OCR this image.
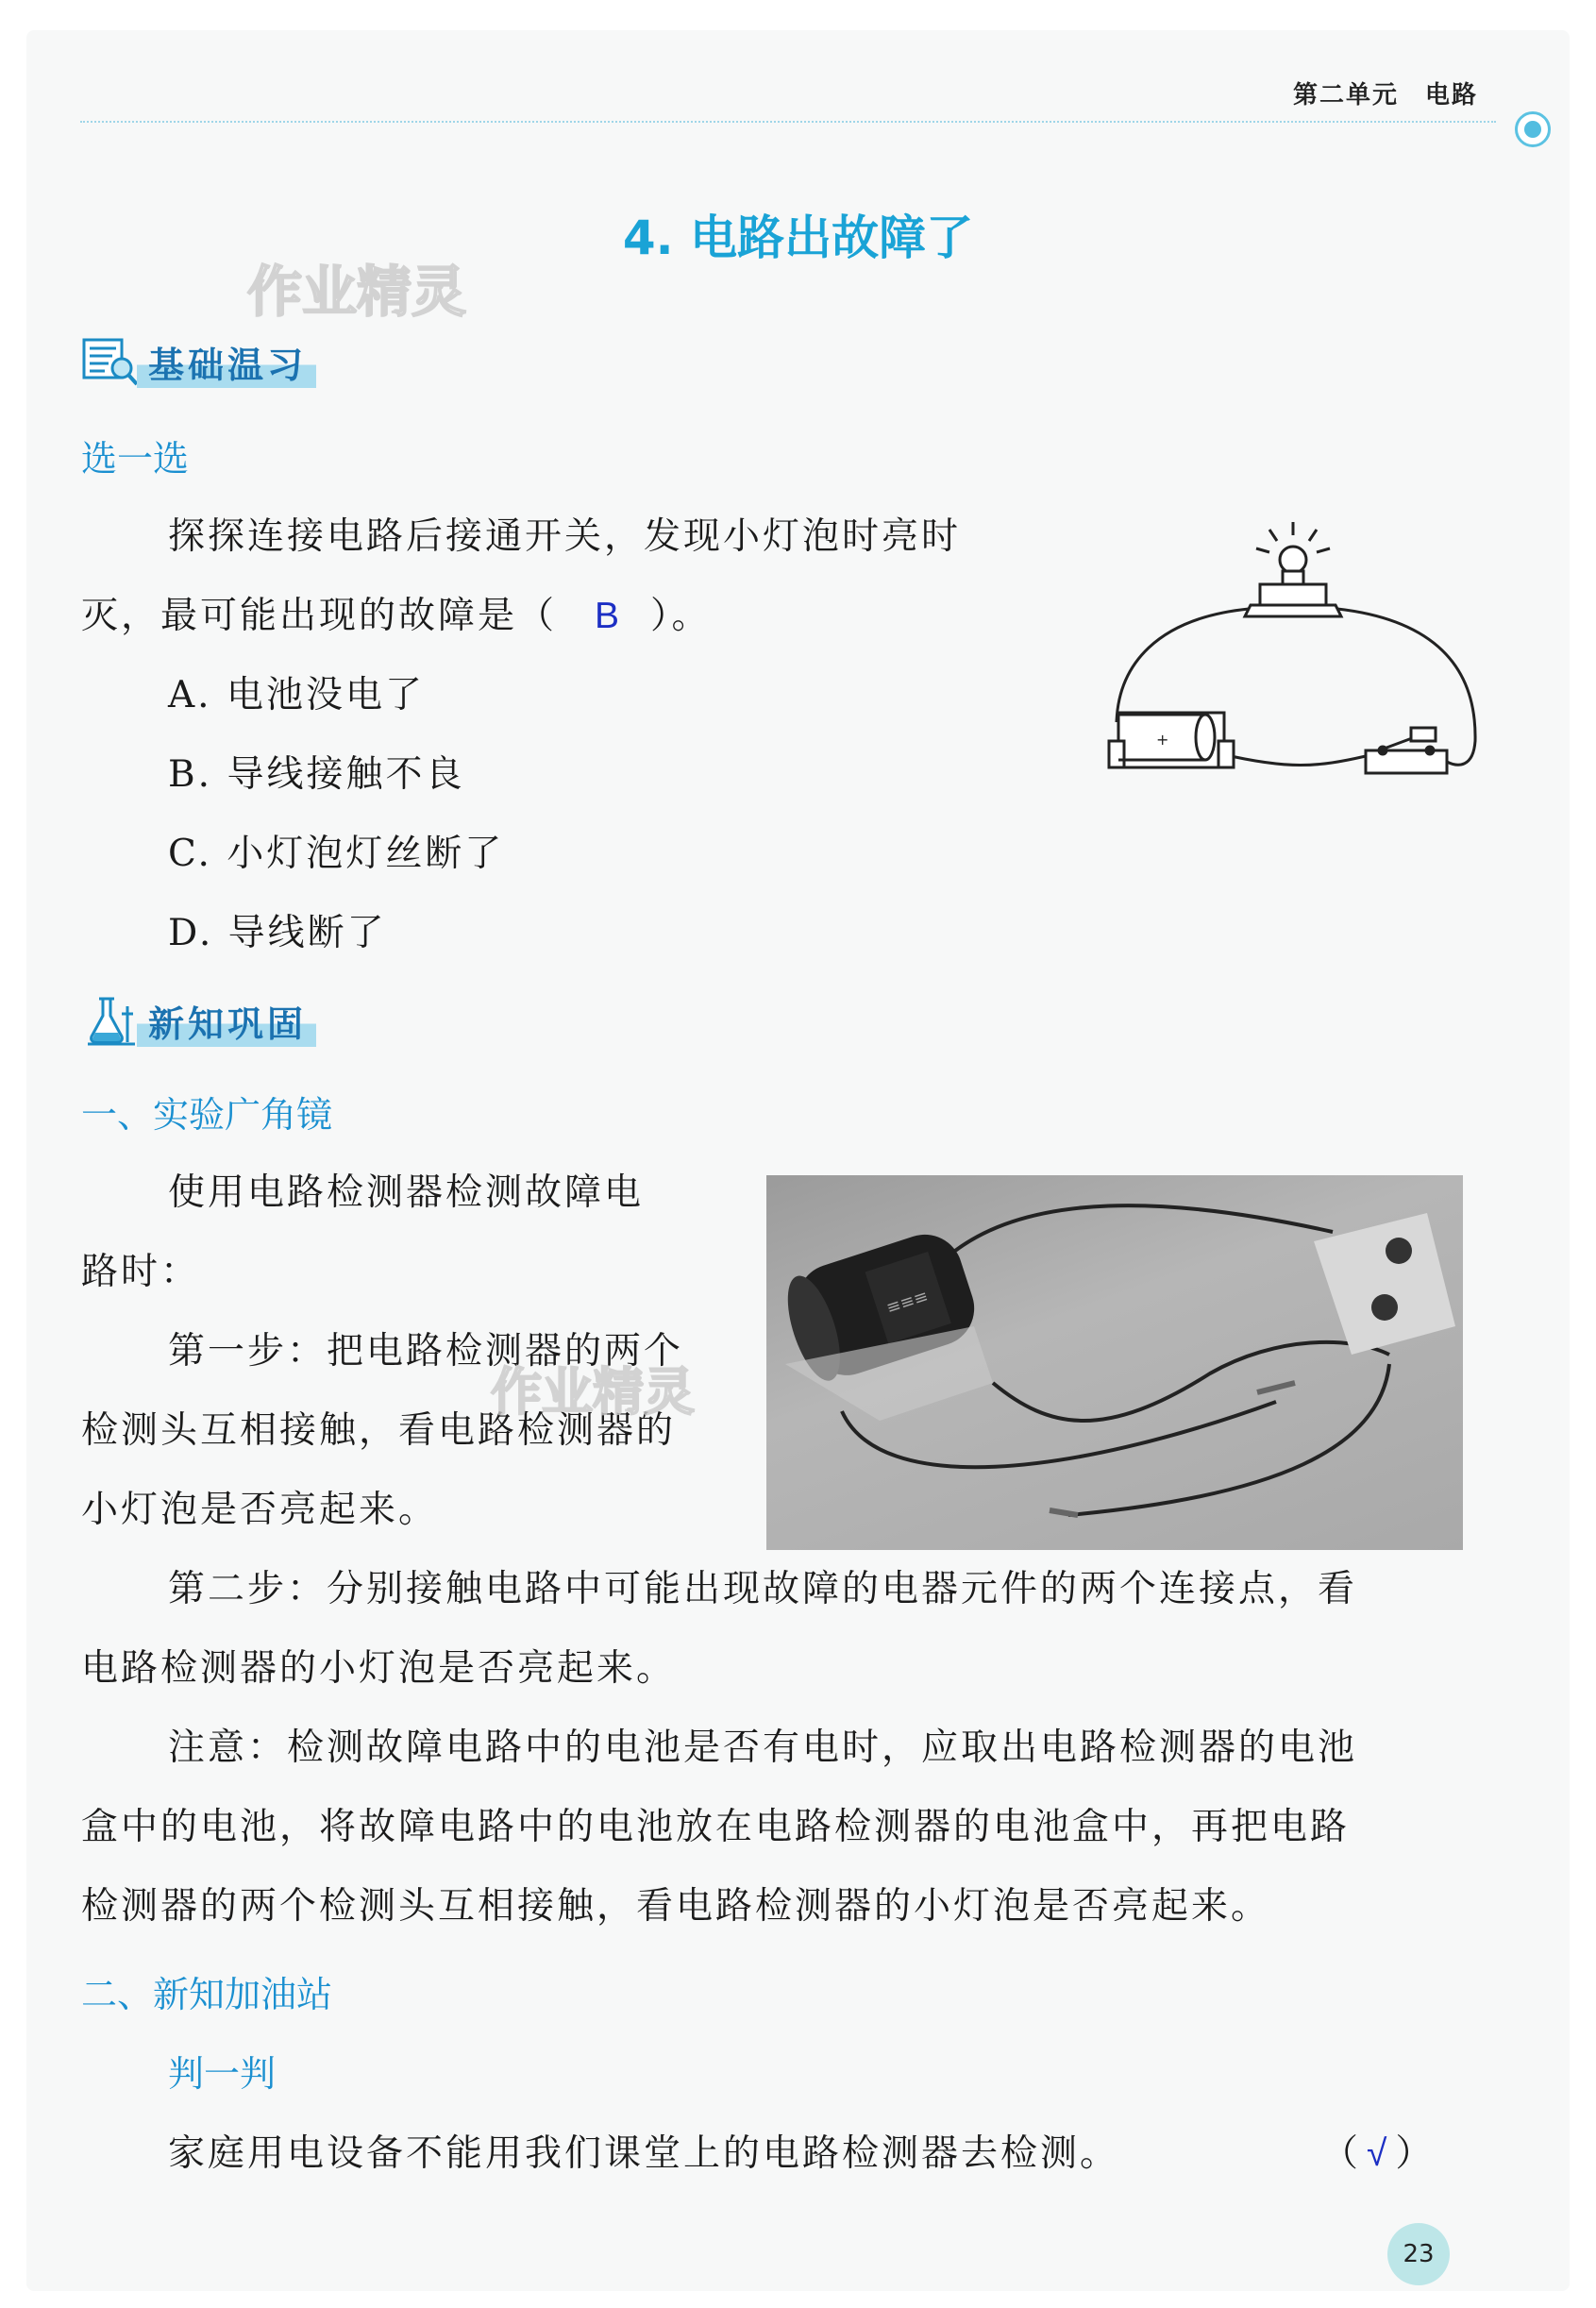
第二单元　电路
4. 电路出故障了
作业精灵
基础温习
选一选
探探连接电路后接通开关，发现小灯泡时亮时
灭，最可能出现的故障是（ B ）。
A. 电池没电了
B. 导线接触不良
C. 小灯泡灯丝断了
D. 导线断了
+
新知巩固
一、实验广角镜
使用电路检测器检测故障电
路时：
第一步：把电路检测器的两个
检测头互相接触，看电路检测器的
小灯泡是否亮起来。
≡≡≡
作业精灵
第二步：分别接触电路中可能出现故障的电器元件的两个连接点，看
电路检测器的小灯泡是否亮起来。
注意：检测故障电路中的电池是否有电时，应取出电路检测器的电池
盒中的电池，将故障电路中的电池放在电路检测器的电池盒中，再把电路
检测器的两个检测头互相接触，看电路检测器的小灯泡是否亮起来。
二、新知加油站
判一判
家庭用电设备不能用我们课堂上的电路检测器去检测。	（ √ ）
23
